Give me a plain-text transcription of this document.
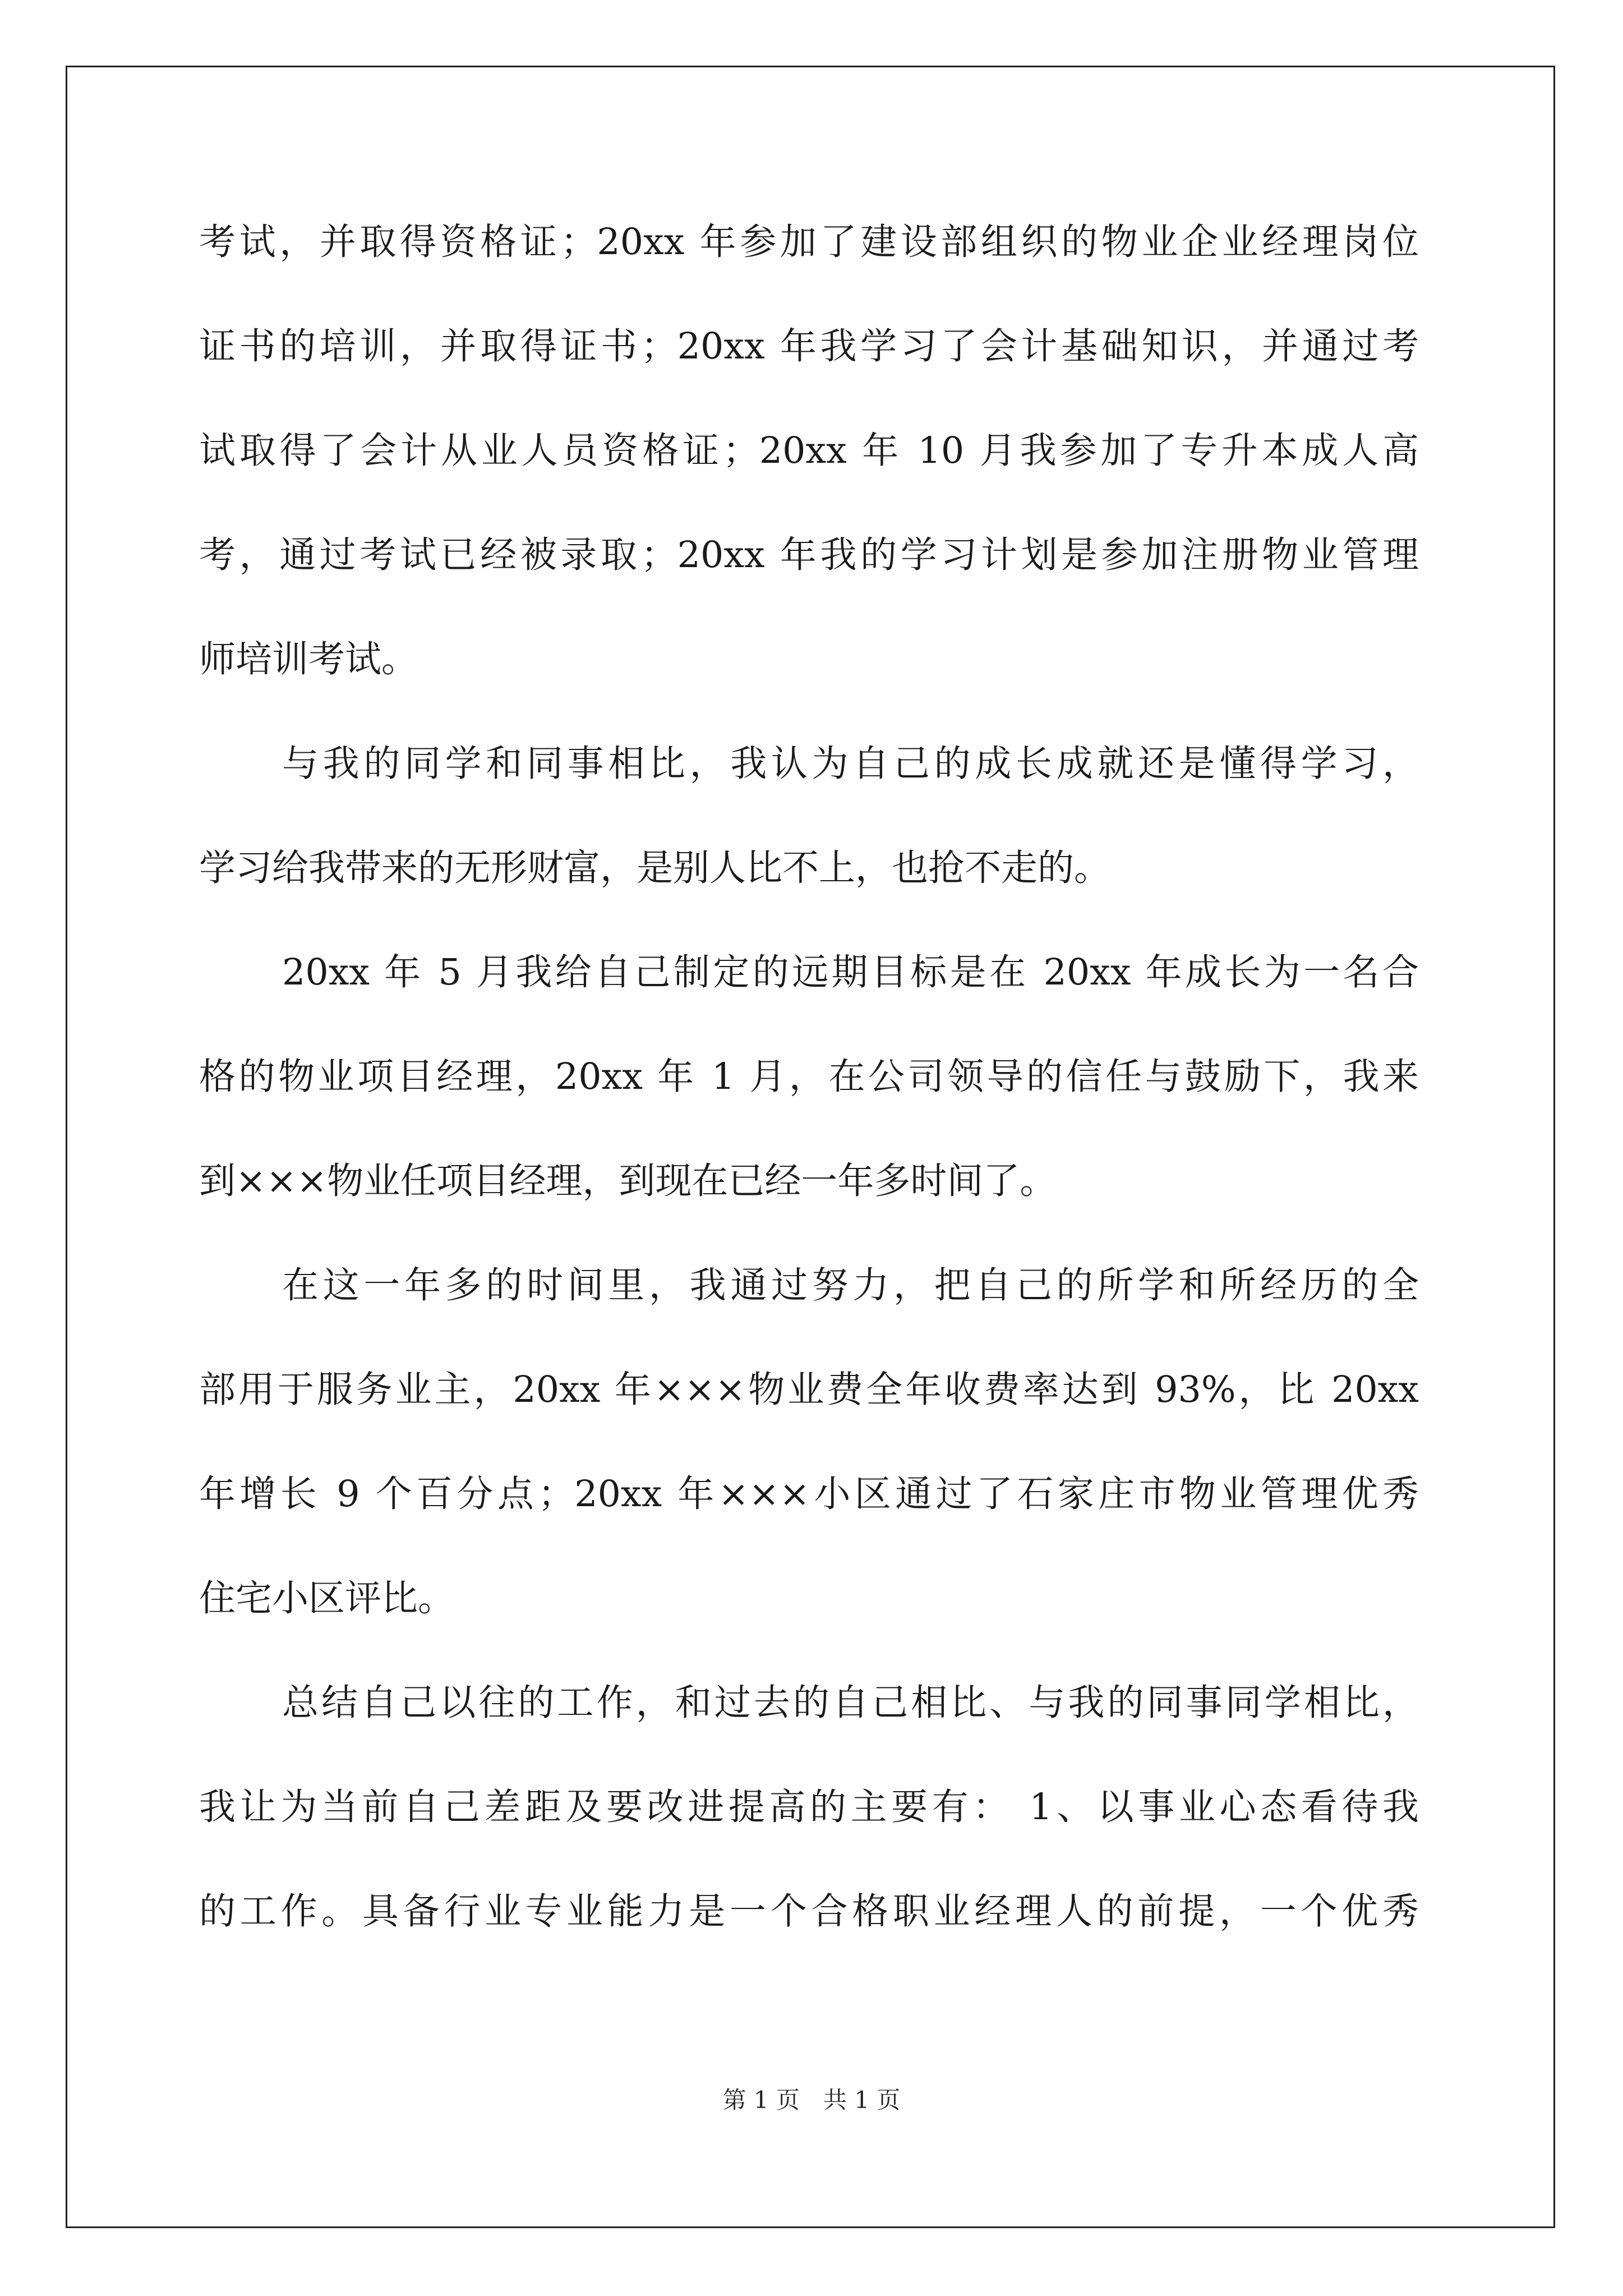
考试，并取得资格证；20xx 年参加了建设部组织的物业企业经理岗位
证书的培训，并取得证书；20xx 年我学习了会计基础知识，并通过考
试取得了会计从业人员资格证；20xx 年 10 月我参加了专升本成人高
考，通过考试已经被录取；20xx 年我的学习计划是参加注册物业管理
师培训考试。
与我的同学和同事相比，我认为自己的成长成就还是懂得学习，
学习给我带来的无形财富，是别人比不上，也抢不走的。
20xx 年 5 月我给自己制定的远期目标是在 20xx 年成长为一名合
格的物业项目经理，20xx 年 1 月，在公司领导的信任与鼓励下，我来
到×××物业任项目经理，到现在已经一年多时间了。
在这一年多的时间里，我通过努力，把自己的所学和所经历的全
部用于服务业主，20xx 年×××物业费全年收费率达到 93%，比 20xx
年增长 9 个百分点；20xx 年×××小区通过了石家庄市物业管理优秀
住宅小区评比。
总结自己以往的工作，和过去的自己相比、与我的同事同学相比，
我让为当前自己差距及要改进提高的主要有： 1、以事业心态看待我
的工作。具备行业专业能力是一个合格职业经理人的前提，一个优秀
第 1 页　共 1 页
